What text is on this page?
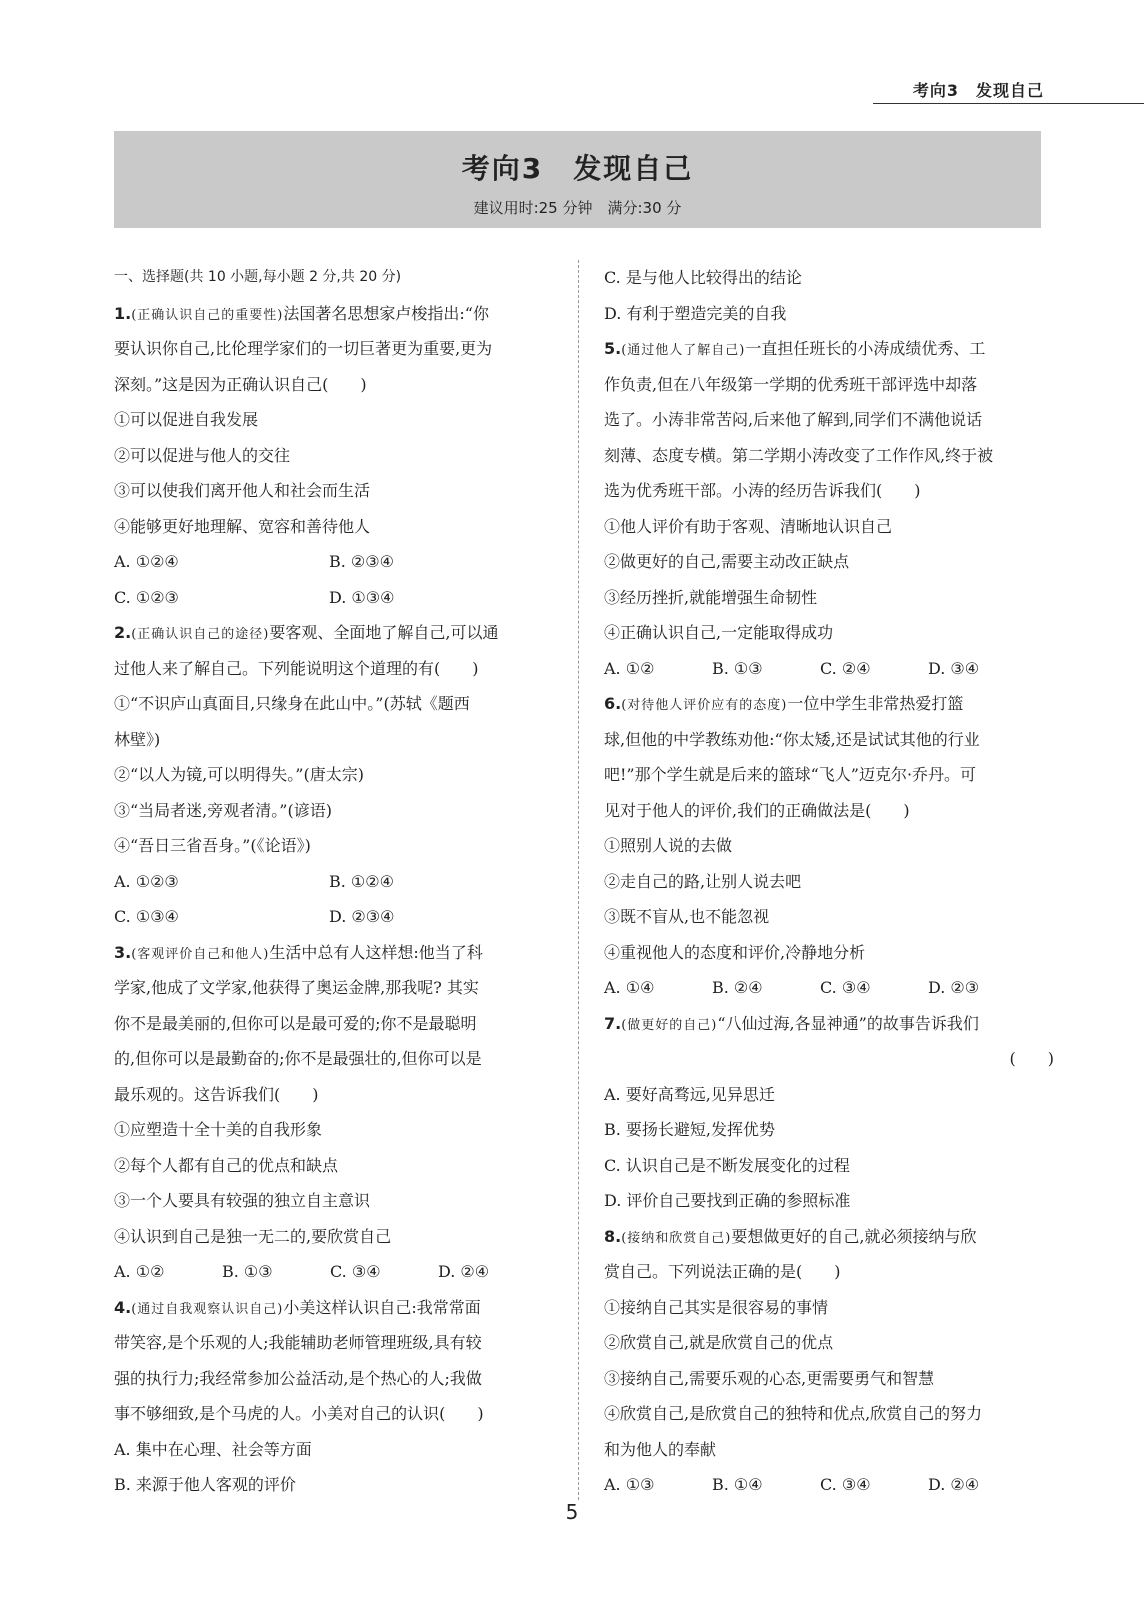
考向3　发现自己
考向3　发现自己
建议用时:25 分钟　满分:30 分
一、选择题(共 10 小题,每小题 2 分,共 20 分)
1.(正确认识自己的重要性)法国著名思想家卢梭指出:“你
要认识你自己,比伦理学家们的一切巨著更为重要,更为
深刻。”这是因为正确认识自己(　　)
①可以促进自我发展
②可以促进与他人的交往
③可以使我们离开他人和社会而生活
④能够更好地理解、宽容和善待他人
A. ①②④	B. ②③④
C. ①②③	D. ①③④
2.(正确认识自己的途径)要客观、全面地了解自己,可以通
过他人来了解自己。下列能说明这个道理的有(　　)
①“不识庐山真面目,只缘身在此山中。”(苏轼《题西
林壁》)
②“以人为镜,可以明得失。”(唐太宗)
③“当局者迷,旁观者清。”(谚语)
④“吾日三省吾身。”(《论语》)
A. ①②③	B. ①②④
C. ①③④	D. ②③④
3.(客观评价自己和他人)生活中总有人这样想:他当了科
学家,他成了文学家,他获得了奥运金牌,那我呢? 其实
你不是最美丽的,但你可以是最可爱的;你不是最聪明
的,但你可以是最勤奋的;你不是最强壮的,但你可以是
最乐观的。这告诉我们(　　)
①应塑造十全十美的自我形象
②每个人都有自己的优点和缺点
③一个人要具有较强的独立自主意识
④认识到自己是独一无二的,要欣赏自己
A. ①②	B. ①③	C. ③④	D. ②④
4.(通过自我观察认识自己)小美这样认识自己:我常常面
带笑容,是个乐观的人;我能辅助老师管理班级,具有较
强的执行力;我经常参加公益活动,是个热心的人;我做
事不够细致,是个马虎的人。小美对自己的认识(　　)
A. 集中在心理、社会等方面
B. 来源于他人客观的评价
C. 是与他人比较得出的结论
D. 有利于塑造完美的自我
5.(通过他人了解自己)一直担任班长的小涛成绩优秀、工
作负责,但在八年级第一学期的优秀班干部评选中却落
选了。小涛非常苦闷,后来他了解到,同学们不满他说话
刻薄、态度专横。第二学期小涛改变了工作作风,终于被
选为优秀班干部。小涛的经历告诉我们(　　)
①他人评价有助于客观、清晰地认识自己
②做更好的自己,需要主动改正缺点
③经历挫折,就能增强生命韧性
④正确认识自己,一定能取得成功
A. ①②	B. ①③	C. ②④	D. ③④
6.(对待他人评价应有的态度)一位中学生非常热爱打篮
球,但他的中学教练劝他:“你太矮,还是试试其他的行业
吧!”那个学生就是后来的篮球“飞人”迈克尔·乔丹。可
见对于他人的评价,我们的正确做法是(　　)
①照别人说的去做
②走自己的路,让别人说去吧
③既不盲从,也不能忽视
④重视他人的态度和评价,冷静地分析
A. ①④	B. ②④	C. ③④	D. ②③
7.(做更好的自己)“八仙过海,各显神通”的故事告诉我们
(　　)
A. 要好高骛远,见异思迁
B. 要扬长避短,发挥优势
C. 认识自己是不断发展变化的过程
D. 评价自己要找到正确的参照标准
8.(接纳和欣赏自己)要想做更好的自己,就必须接纳与欣
赏自己。下列说法正确的是(　　)
①接纳自己其实是很容易的事情
②欣赏自己,就是欣赏自己的优点
③接纳自己,需要乐观的心态,更需要勇气和智慧
④欣赏自己,是欣赏自己的独特和优点,欣赏自己的努力
和为他人的奉献
A. ①③	B. ①④	C. ③④	D. ②④
5
